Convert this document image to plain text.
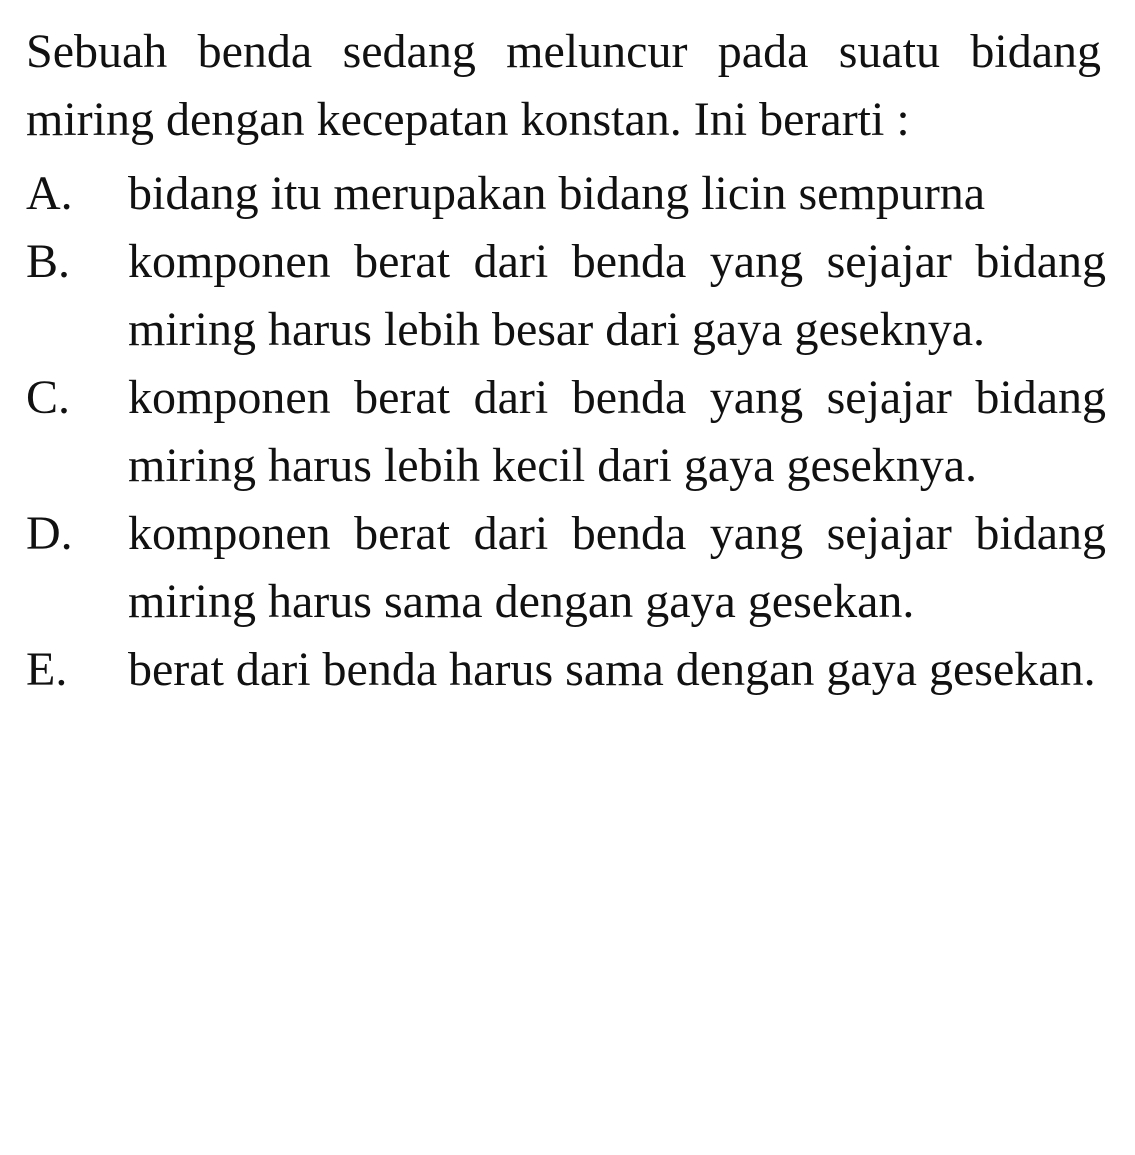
Sebuah benda sedang meluncur pada suatu bidang miring dengan kecepatan konstan. Ini berarti :

A.	bidang itu merupakan bidang licin sempurna
B.	komponen berat dari benda yang sejajar bidang miring harus lebih besar dari gaya geseknya.
C.	komponen berat dari benda yang sejajar bidang miring harus lebih kecil dari gaya geseknya.
D.	komponen berat dari benda yang sejajar bidang miring harus sama dengan gaya gesekan.
E.	berat dari benda harus sama dengan gaya gesekan.
